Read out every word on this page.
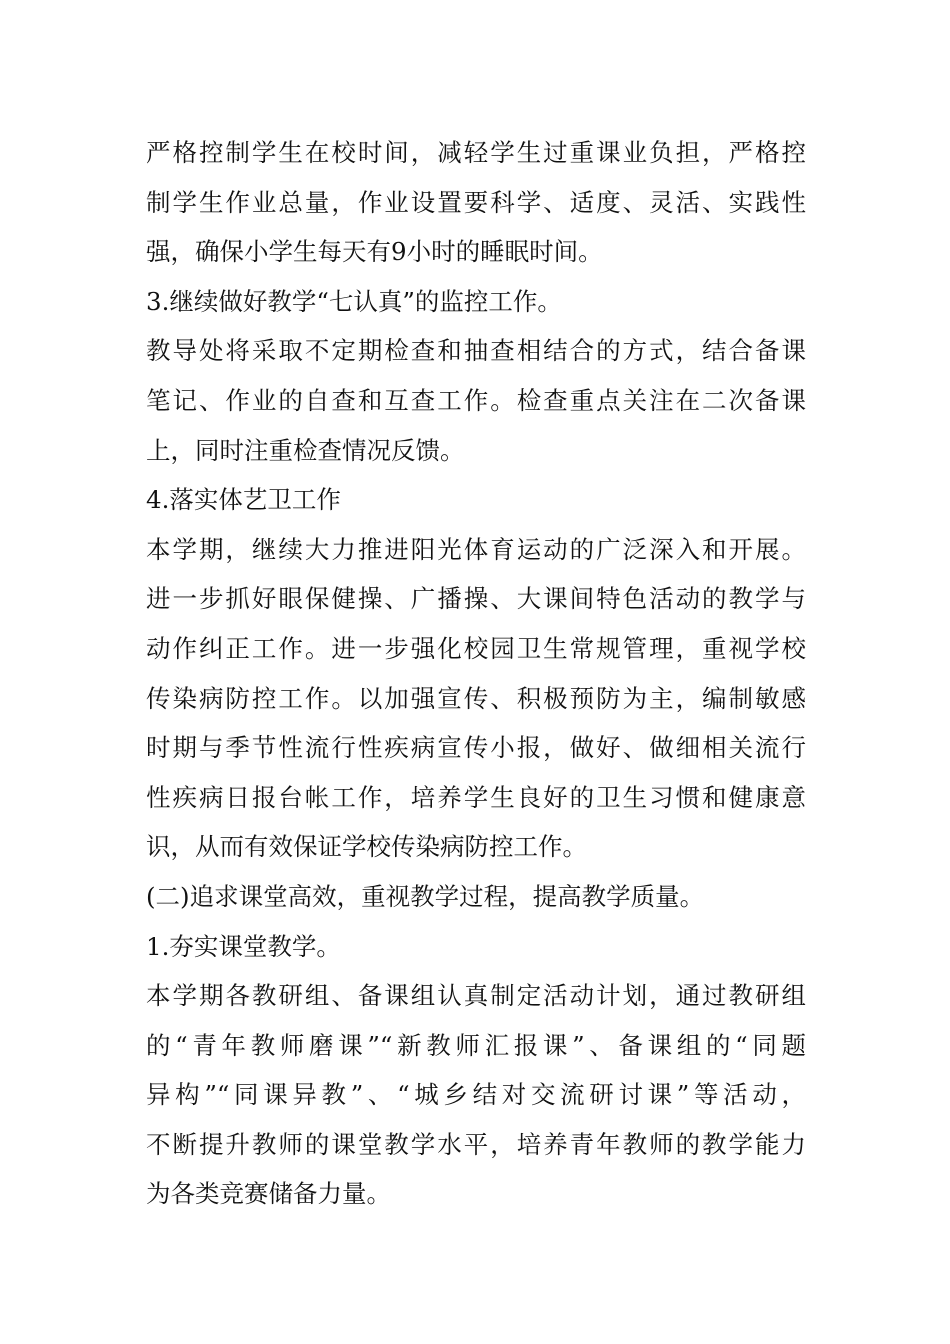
严格控制学生在校时间，减轻学生过重课业负担，严格控
制学生作业总量，作业设置要科学、适度、灵活、实践性
强，确保小学生每天有9小时的睡眠时间。
3.继续做好教学“七认真”的监控工作。
教导处将采取不定期检查和抽查相结合的方式，结合备课
笔记、作业的自查和互查工作。检查重点关注在二次备课
上，同时注重检查情况反馈。
4.落实体艺卫工作
本学期，继续大力推进阳光体育运动的广泛深入和开展。
进一步抓好眼保健操、广播操、大课间特色活动的教学与
动作纠正工作。进一步强化校园卫生常规管理，重视学校
传染病防控工作。以加强宣传、积极预防为主，编制敏感
时期与季节性流行性疾病宣传小报，做好、做细相关流行
性疾病日报台帐工作，培养学生良好的卫生习惯和健康意
识，从而有效保证学校传染病防控工作。
(二)追求课堂高效，重视教学过程，提高教学质量。
1.夯实课堂教学。
本学期各教研组、备课组认真制定活动计划，通过教研组
的“青年教师磨课”“新教师汇报课”、备课组的“同题
异构”“同课异教”、“城乡结对交流研讨课”等活动，
不断提升教师的课堂教学水平，培养青年教师的教学能力
为各类竞赛储备力量。
